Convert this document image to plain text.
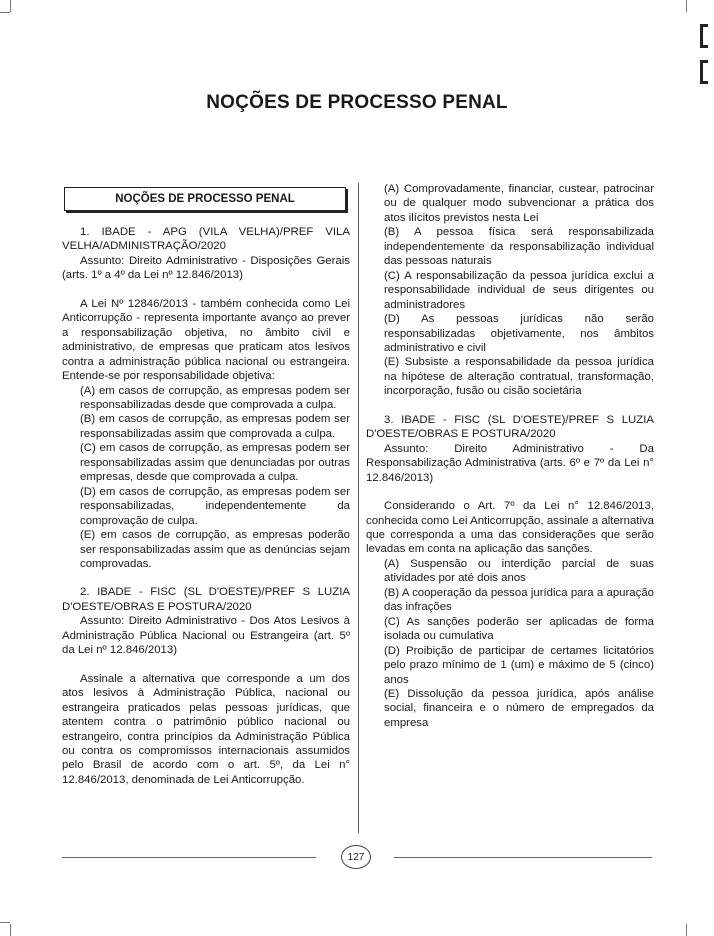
NOÇÕES DE PROCESSO PENAL
NOÇÕES DE PROCESSO PENAL

1. IBADE - APG (VILA VELHA)/PREF VILA VELHA/ADMINISTRAÇÃO/2020

Assunto: Direito Administrativo - Disposições Gerais (arts. 1º a 4º da Lei nº 12.846/2013)

A Lei Nº 12846/2013 - também conhecida como Lei Anticorrupção - representa importante avanço ao prever a responsabilização objetiva, no âmbito civil e administrativo, de empresas que praticam atos lesivos contra a administração pública nacional ou estrangeira. Entende-se por responsabilidade objetiva:

(A) em casos de corrupção, as empresas podem ser responsabilizadas desde que comprovada a culpa.

(B) em casos de corrupção, as empresas podem ser responsabilizadas assim que comprovada a culpa.

(C) em casos de corrupção, as empresas podem ser responsabilizadas assim que denunciadas por outras empresas, desde que comprovada a culpa.

(D) em casos de corrupção, as empresas podem ser responsabilizadas, independentemente da comprovação de culpa.

(E) em casos de corrupção, as empresas poderão ser responsabilizadas assim que as denúncias sejam comprovadas.

2. IBADE - FISC (SL D'OESTE)/PREF S LUZIA D'OESTE/OBRAS E POSTURA/2020

Assunto: Direito Administrativo - Dos Atos Lesivos à Administração Pública Nacional ou Estrangeira (art. 5º da Lei nº 12.846/2013)

Assinale a alternativa que corresponde a um dos atos lesivos à Administração Pública, nacional ou estrangeira praticados pelas pessoas jurídicas, que atentem contra o patrimônio público nacional ou estrangeiro, contra princípios da Administração Pública ou contra os compromissos internacionais assumidos pelo Brasil de acordo com o art. 5º, da Lei n° 12.846/2013, denominada de Lei Anticorrupção.

(A) Comprovadamente, financiar, custear, patrocinar ou de qualquer modo subvencionar a prática dos atos ilícitos previstos nesta Lei

(B) A pessoa física será responsabilizada independentemente da responsabilização individual das pessoas naturais

(C) A responsabilização da pessoa jurídica exclui a responsabilidade individual de seus dirigentes ou administradores

(D) As pessoas jurídicas não serão responsabilizadas objetivamente, nos âmbitos administrativo e civil

(E) Subsiste a responsabilidade da pessoa jurídica na hipótese de alteração contratual, transformação, incorporação, fusão ou cisão societária

3. IBADE - FISC (SL D'OESTE)/PREF S LUZIA D'OESTE/OBRAS E POSTURA/2020

Assunto: Direito Administrativo - Da Responsabilização Administrativa (arts. 6º e 7º da Lei n° 12.846/2013)

Considerando o Art. 7º da Lei n° 12.846/2013, conhecida como Lei Anticorrupção, assinale a alternativa que corresponda a uma das considerações que serão levadas em conta na aplicação das sanções.

(A) Suspensão ou interdição parcial de suas atividades por até dois anos

(B) A cooperação da pessoa jurídica para a apuração das infrações

(C) As sanções poderão ser aplicadas de forma isolada ou cumulativa

(D) Proibição de participar de certames licitatórios pelo prazo mínimo de 1 (um) e máximo de 5 (cinco) anos

(E) Dissolução da pessoa jurídica, após análise social, financeira e o número de empregados da empresa

127
